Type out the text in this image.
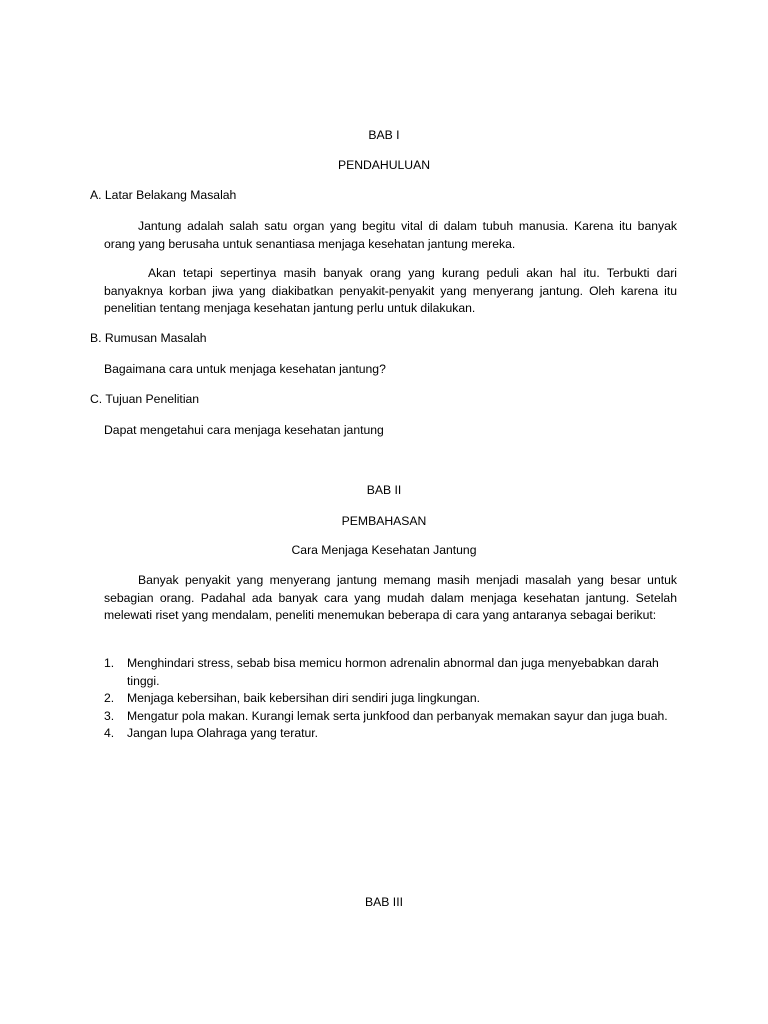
BAB I

PENDAHULUAN

A. Latar Belakang Masalah

Jantung adalah salah satu organ yang begitu vital di dalam tubuh manusia. Karena itu banyak orang yang berusaha untuk senantiasa menjaga kesehatan jantung mereka.

Akan tetapi sepertinya masih banyak orang yang kurang peduli akan hal itu. Terbukti dari banyaknya korban jiwa yang diakibatkan penyakit-penyakit yang menyerang jantung. Oleh karena itu penelitian tentang menjaga kesehatan jantung perlu untuk dilakukan.

B. Rumusan Masalah

Bagaimana cara untuk menjaga kesehatan jantung?

C. Tujuan Penelitian

Dapat mengetahui cara menjaga kesehatan jantung

BAB II

PEMBAHASAN

Cara Menjaga Kesehatan Jantung

Banyak penyakit yang menyerang jantung memang masih menjadi masalah yang besar untuk sebagian orang. Padahal ada banyak cara yang mudah dalam menjaga kesehatan jantung. Setelah melewati riset yang mendalam, peneliti menemukan beberapa di cara yang antaranya sebagai berikut:

1. Menghindari stress, sebab bisa memicu hormon adrenalin abnormal dan juga menyebabkan darah tinggi.
2. Menjaga kebersihan, baik kebersihan diri sendiri juga lingkungan.
3. Mengatur pola makan. Kurangi lemak serta junkfood dan perbanyak memakan sayur dan juga buah.
4. Jangan lupa Olahraga yang teratur.

BAB III
